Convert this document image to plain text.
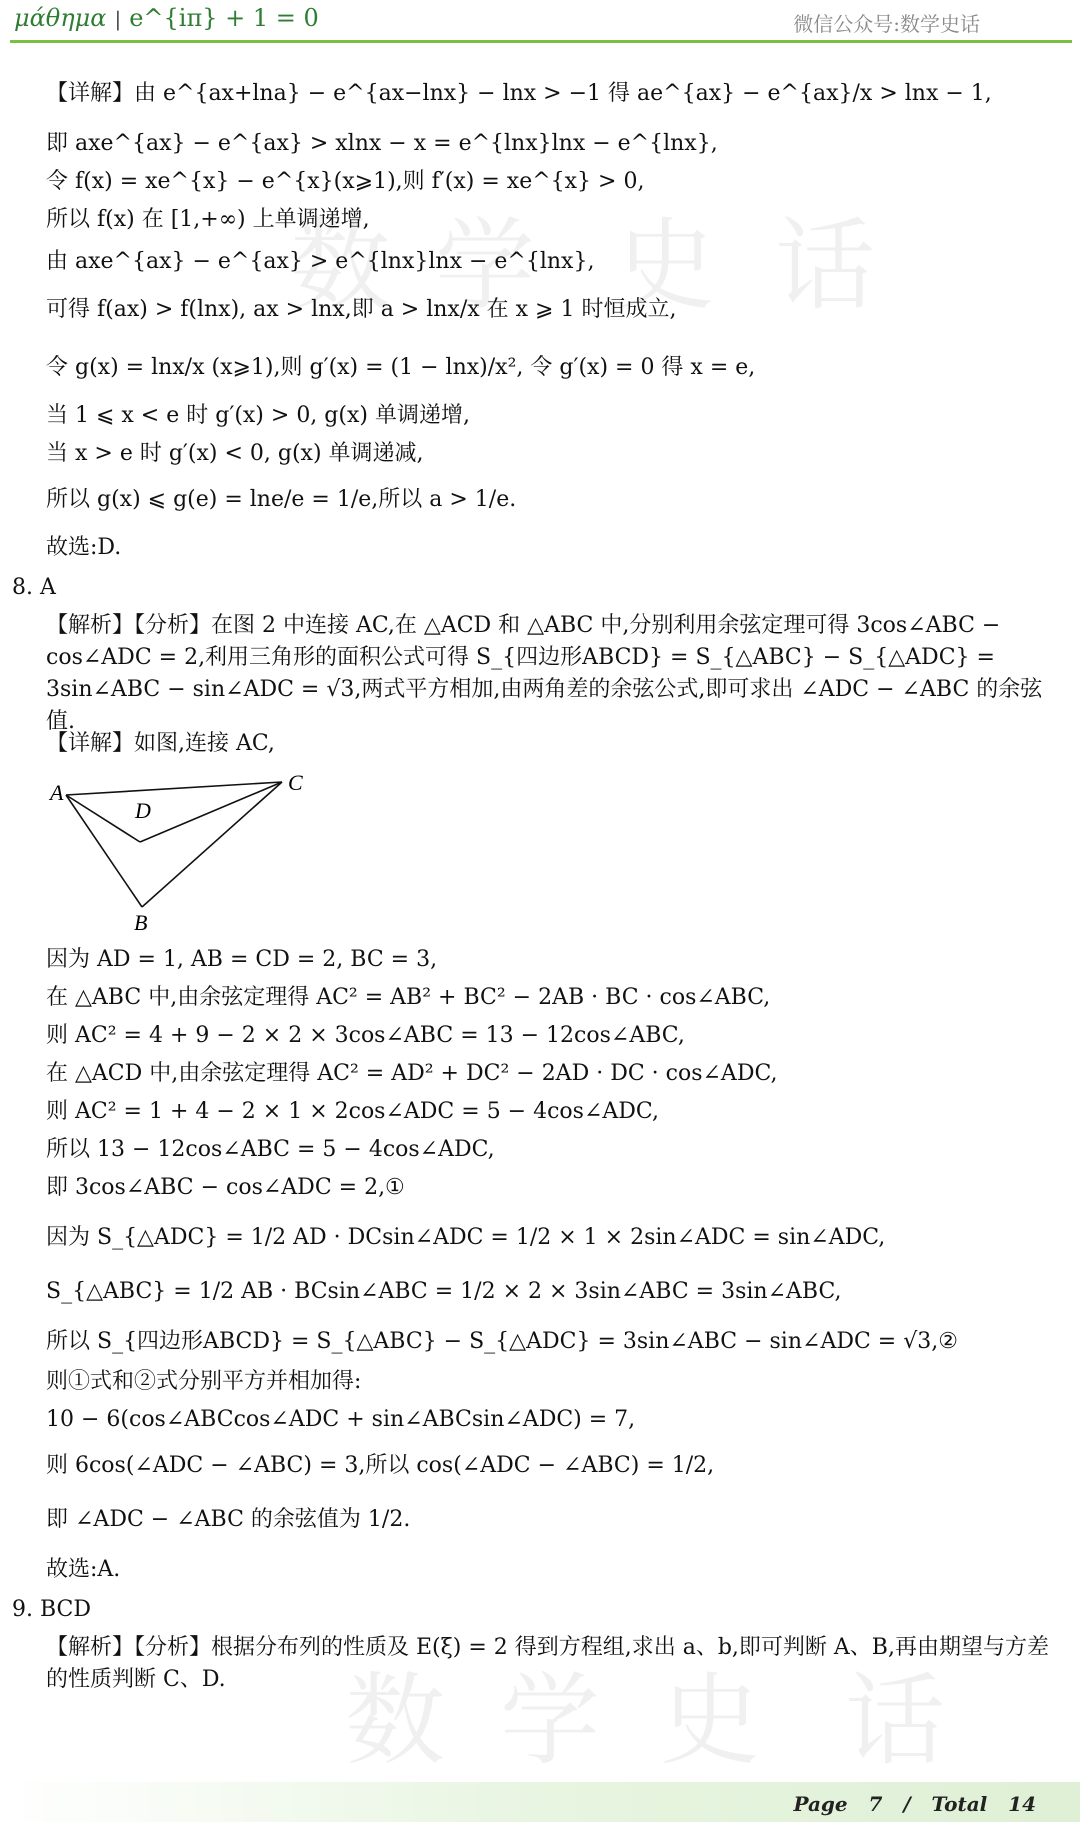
μάθημα | e^{iπ} + 1 = 0	微信公众号:数学史话
数 学 史 话
数 学 史 话
【详解】由 e^{ax+lna} − e^{ax−lnx} − lnx > −1 得 ae^{ax} − e^{ax}/x > lnx − 1,
即 axe^{ax} − e^{ax} > xlnx − x = e^{lnx}lnx − e^{lnx},
令 f(x) = xe^{x} − e^{x}(x⩾1),则 f′(x) = xe^{x} > 0,
所以 f(x) 在 [1,+∞) 上单调递增,
由 axe^{ax} − e^{ax} > e^{lnx}lnx − e^{lnx},
可得 f(ax) > f(lnx), ax > lnx,即 a > lnx/x 在 x ⩾ 1 时恒成立,
令 g(x) = lnx/x (x⩾1),则 g′(x) = (1 − lnx)/x², 令 g′(x) = 0 得 x = e,
当 1 ⩽ x < e 时 g′(x) > 0, g(x) 单调递增,
当 x > e 时 g′(x) < 0, g(x) 单调递减,
所以 g(x) ⩽ g(e) = lne/e = 1/e,所以 a > 1/e.
故选:D.
8. A
【解析】【分析】在图 2 中连接 AC,在 △ACD 和 △ABC 中,分别利用余弦定理可得 3cos∠ABC − cos∠ADC = 2,利用三角形的面积公式可得 S_{四边形ABCD} = S_{△ABC} − S_{△ADC} = 3sin∠ABC − sin∠ADC = √3,两式平方相加,由两角差的余弦公式,即可求出 ∠ADC − ∠ABC 的余弦值.
【详解】如图,连接 AC,
A	C
D
B
因为 AD = 1, AB = CD = 2, BC = 3,
在 △ABC 中,由余弦定理得 AC² = AB² + BC² − 2AB · BC · cos∠ABC,
则 AC² = 4 + 9 − 2 × 2 × 3cos∠ABC = 13 − 12cos∠ABC,
在 △ACD 中,由余弦定理得 AC² = AD² + DC² − 2AD · DC · cos∠ADC,
则 AC² = 1 + 4 − 2 × 1 × 2cos∠ADC = 5 − 4cos∠ADC,
所以 13 − 12cos∠ABC = 5 − 4cos∠ADC,
即 3cos∠ABC − cos∠ADC = 2,①
因为 S_{△ADC} = 1/2 AD · DCsin∠ADC = 1/2 × 1 × 2sin∠ADC = sin∠ADC,
S_{△ABC} = 1/2 AB · BCsin∠ABC = 1/2 × 2 × 3sin∠ABC = 3sin∠ABC,
所以 S_{四边形ABCD} = S_{△ABC} − S_{△ADC} = 3sin∠ABC − sin∠ADC = √3,②
则①式和②式分别平方并相加得:
10 − 6(cos∠ABCcos∠ADC + sin∠ABCsin∠ADC) = 7,
则 6cos(∠ADC − ∠ABC) = 3,所以 cos(∠ADC − ∠ABC) = 1/2,
即 ∠ADC − ∠ABC 的余弦值为 1/2.
故选:A.
9. BCD
【解析】【分析】根据分布列的性质及 E(ξ) = 2 得到方程组,求出 a、b,即可判断 A、B,再由期望与方差的性质判断 C、D.
Page 7 / Total 14
